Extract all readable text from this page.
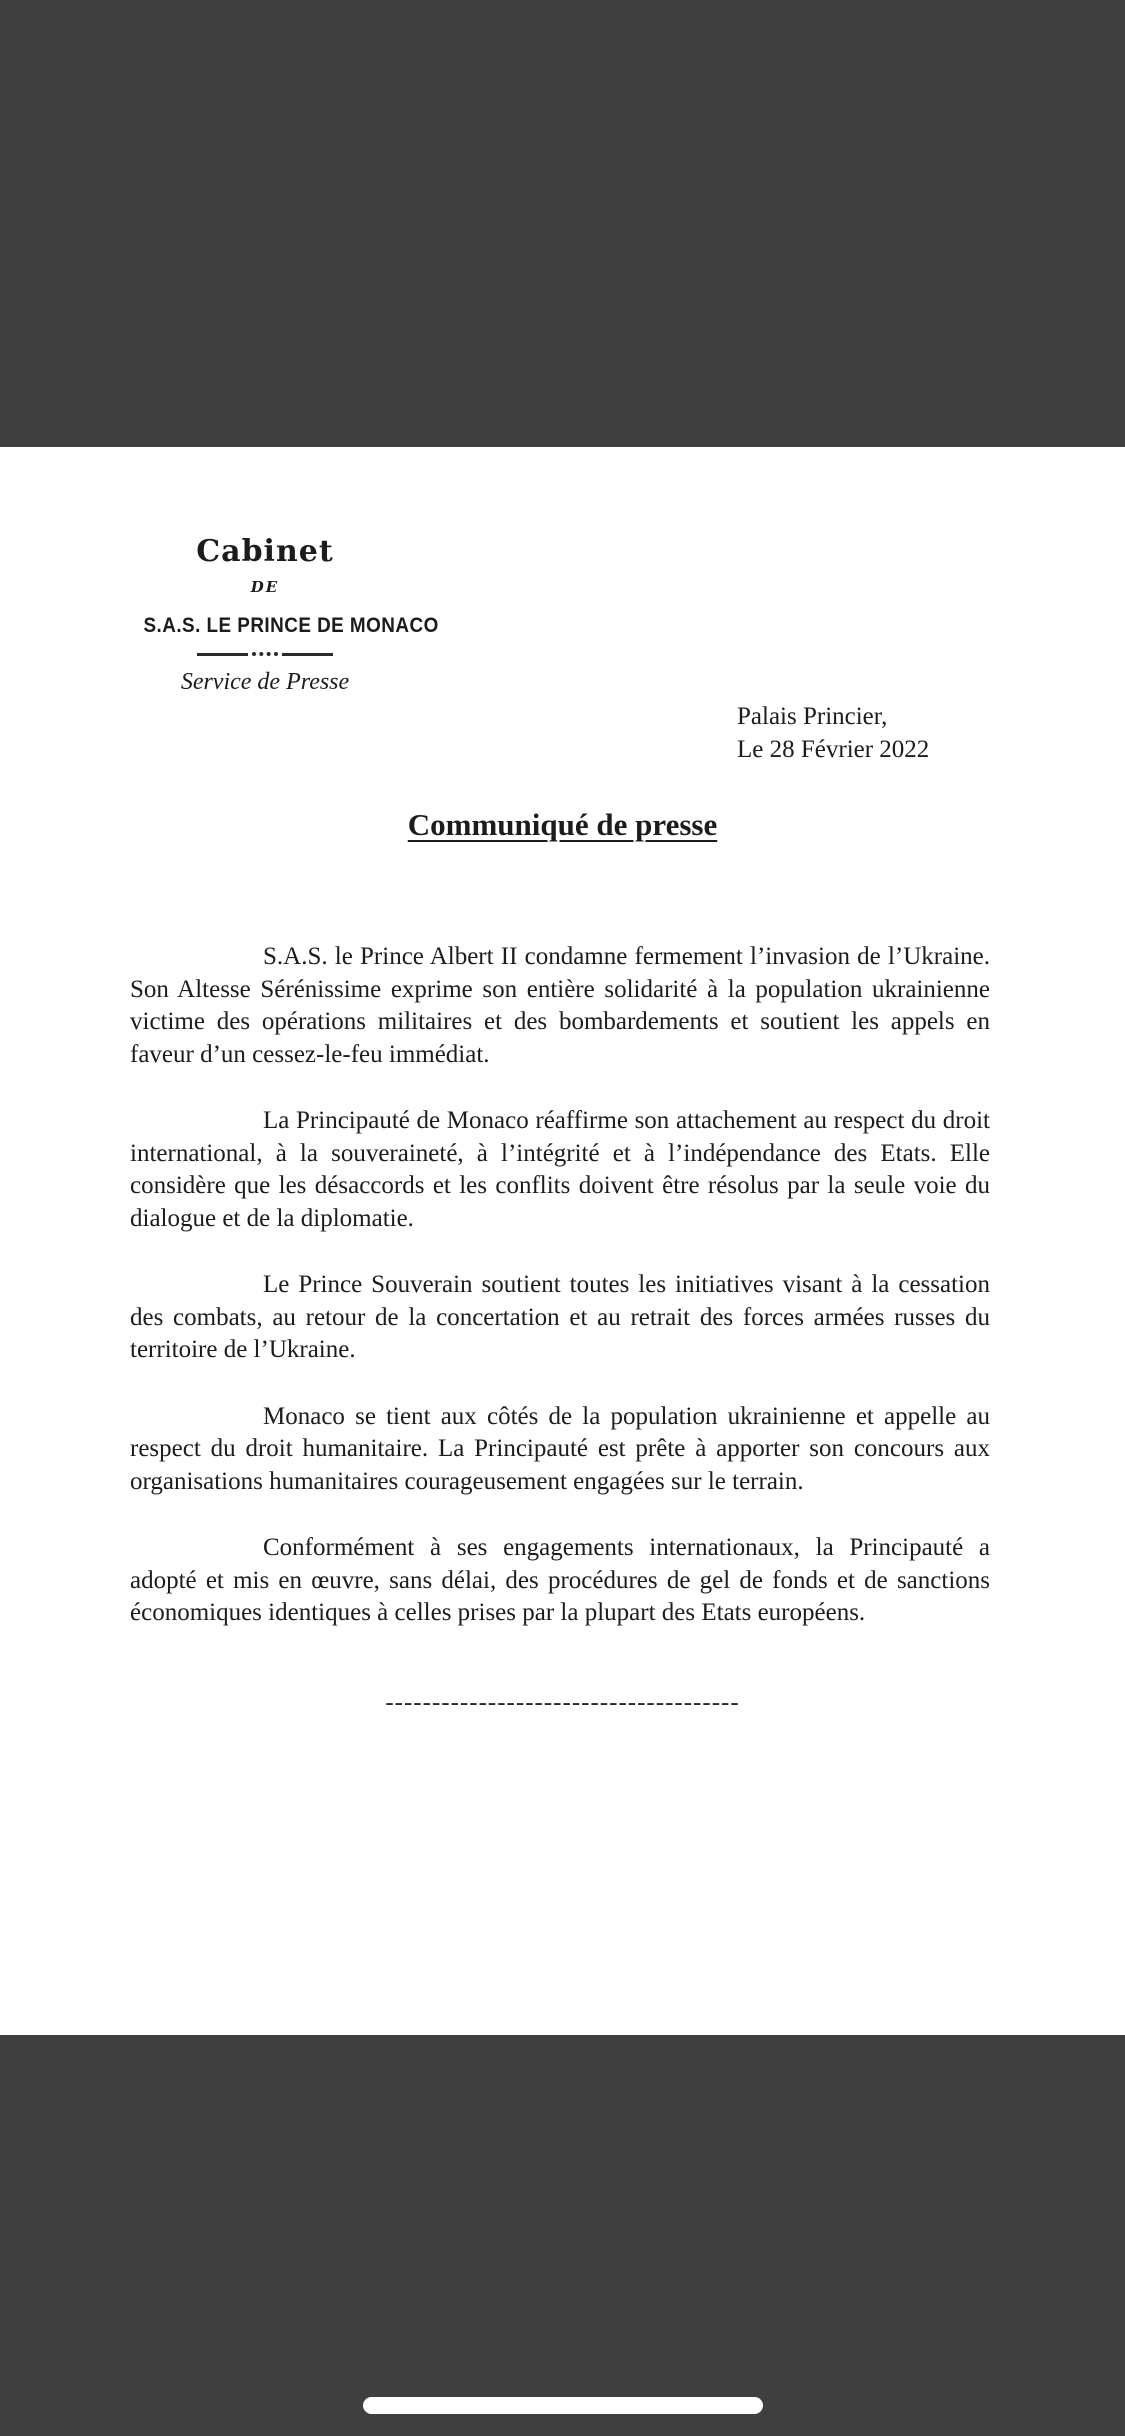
Cabinet
DE
S.A.S. LE PRINCE DE MONACO
Service de Presse
Palais Princier,
Le 28 Février 2022
Communiqué de presse

S.A.S. le Prince Albert II condamne fermement l’invasion de l’Ukraine. Son Altesse Sérénissime exprime son entière solidarité à la population ukrainienne victime des opérations militaires et des bombardements et soutient les appels en faveur d’un cessez-le-feu immédiat.

La Principauté de Monaco réaffirme son attachement au respect du droit international, à la souveraineté, à l’intégrité et à l’indépendance des Etats. Elle considère que les désaccords et les conflits doivent être résolus par la seule voie du dialogue et de la diplomatie.

Le Prince Souverain soutient toutes les initiatives visant à la cessation des combats, au retour de la concertation et au retrait des forces armées russes du territoire de l’Ukraine.

Monaco se tient aux côtés de la population ukrainienne et appelle au respect du droit humanitaire. La Principauté est prête à apporter son concours aux organisations humanitaires courageusement engagées sur le terrain.

Conformément à ses engagements internationaux, la Principauté a adopté et mis en œuvre, sans délai, des procédures de gel de fonds et de sanctions économiques identiques à celles prises par la plupart des Etats européens.

--------------------------------------
